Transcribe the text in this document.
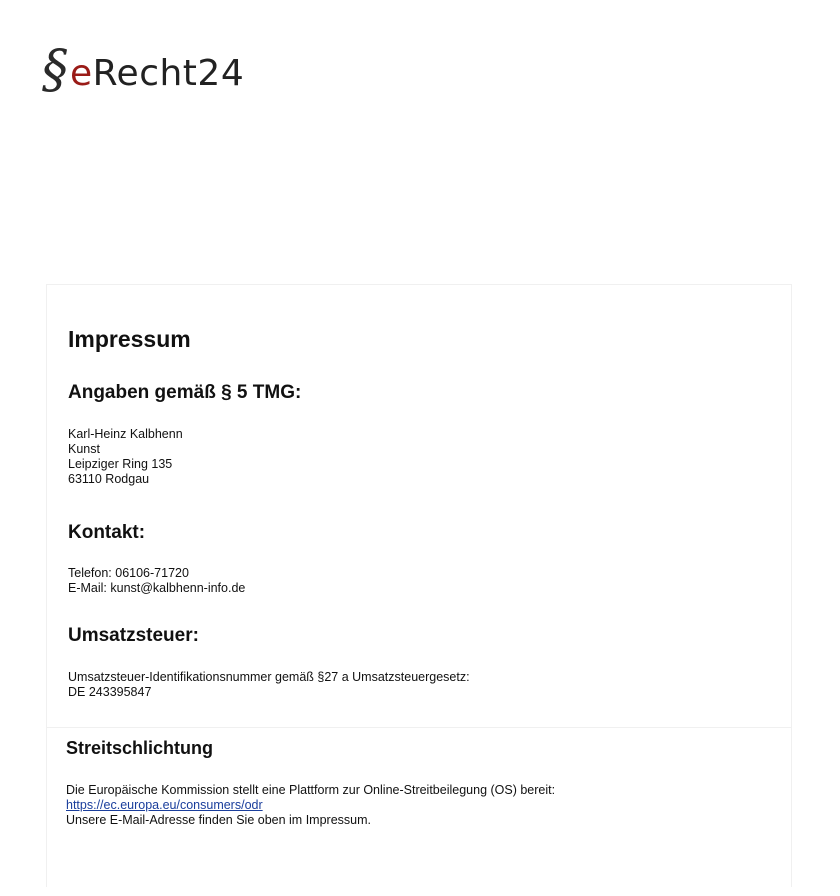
§ eRecht24
Impressum
Angaben gemäß § 5 TMG:
Karl-Heinz Kalbhenn
Kunst
Leipziger Ring 135
63110 Rodgau
Kontakt:
Telefon: 06106-71720
E-Mail: kunst@kalbhenn-info.de
Umsatzsteuer:
Umsatzsteuer-Identifikationsnummer gemäß §27 a Umsatzsteuergesetz:
DE 243395847
Streitschlichtung
Die Europäische Kommission stellt eine Plattform zur Online-Streitbeilegung (OS) bereit:
https://ec.europa.eu/consumers/odr
Unsere E-Mail-Adresse finden Sie oben im Impressum.
